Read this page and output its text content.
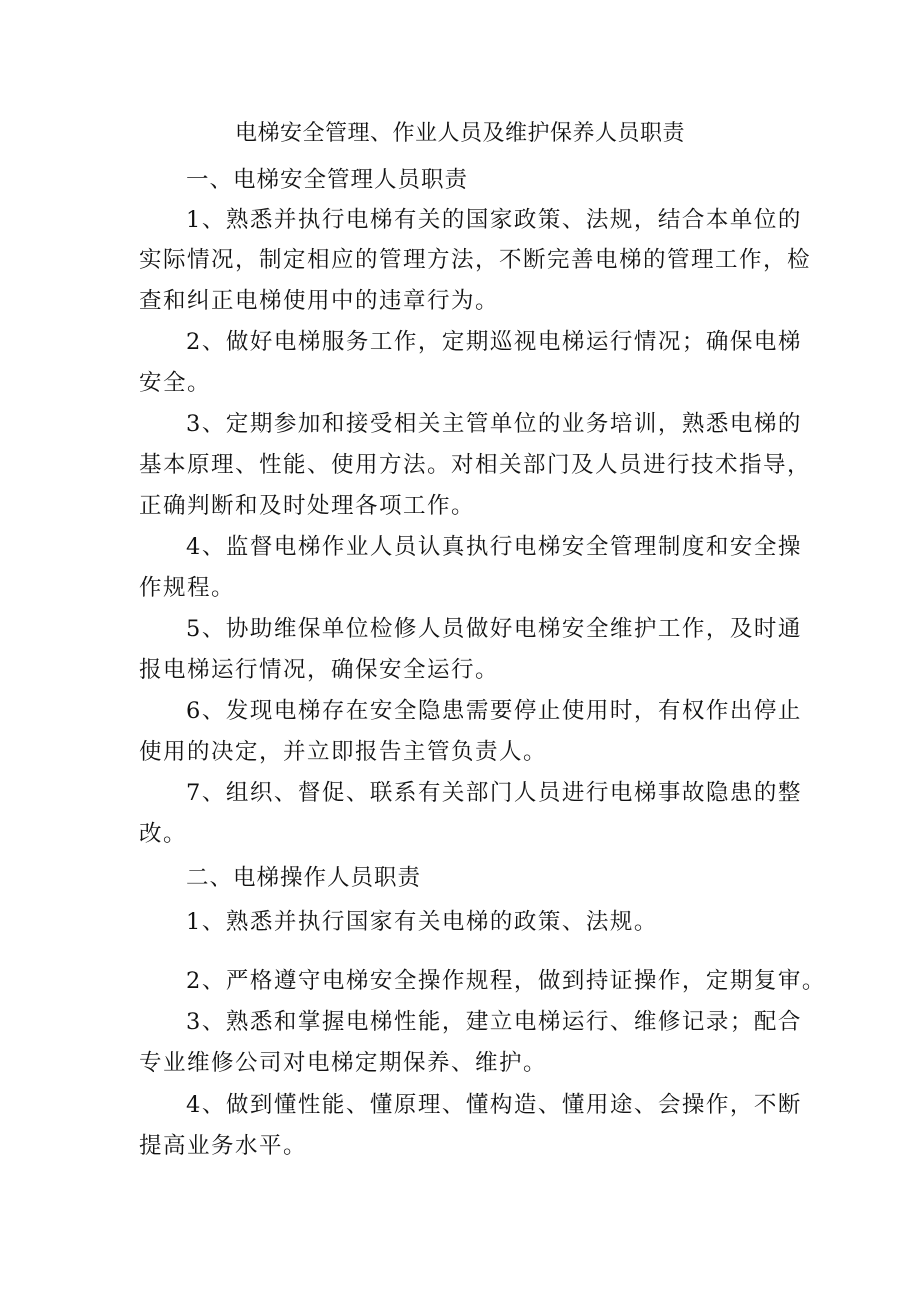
电梯安全管理、作业人员及维护保养人员职责
一、电梯安全管理人员职责
1、熟悉并执行电梯有关的国家政策、法规，结合本单位的
实际情况，制定相应的管理方法，不断完善电梯的管理工作，检
查和纠正电梯使用中的违章行为。
2、做好电梯服务工作，定期巡视电梯运行情况；确保电梯
安全。
3、定期参加和接受相关主管单位的业务培训，熟悉电梯的
基本原理、性能、使用方法。对相关部门及人员进行技术指导，
正确判断和及时处理各项工作。
4、监督电梯作业人员认真执行电梯安全管理制度和安全操
作规程。
5、协助维保单位检修人员做好电梯安全维护工作，及时通
报电梯运行情况，确保安全运行。
6、发现电梯存在安全隐患需要停止使用时，有权作出停止
使用的决定，并立即报告主管负责人。
7、组织、督促、联系有关部门人员进行电梯事故隐患的整
改。
二、电梯操作人员职责
1、熟悉并执行国家有关电梯的政策、法规。
2、严格遵守电梯安全操作规程，做到持证操作，定期复审。
3、熟悉和掌握电梯性能，建立电梯运行、维修记录；配合
专业维修公司对电梯定期保养、维护。
4、做到懂性能、懂原理、懂构造、懂用途、会操作，不断
提高业务水平。
